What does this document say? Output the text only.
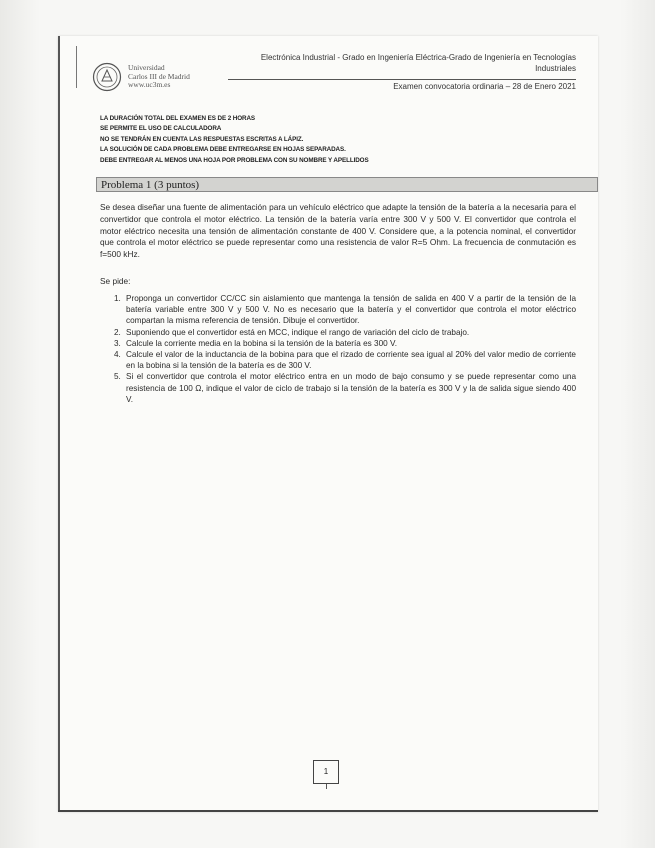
Universidad
Carlos III de Madrid
www.uc3m.es
Electrónica Industrial - Grado en Ingeniería Eléctrica-Grado de Ingeniería en Tecnologías
Industriales
Examen convocatoria ordinaria – 28 de Enero 2021
LA DURACIÓN TOTAL DEL EXAMEN ES DE 2 HORAS
SE PERMITE EL USO DE CALCULADORA
NO SE TENDRÁN EN CUENTA LAS RESPUESTAS ESCRITAS A LÁPIZ.
LA SOLUCIÓN DE CADA PROBLEMA DEBE ENTREGARSE EN HOJAS SEPARADAS.
DEBE ENTREGAR AL MENOS UNA HOJA POR PROBLEMA CON SU NOMBRE Y APELLIDOS
Problema 1 (3 puntos)
Se desea diseñar una fuente de alimentación para un vehículo eléctrico que adapte la tensión de la batería a la necesaria para el convertidor que controla el motor eléctrico. La tensión de la batería varía entre 300 V y 500 V. El convertidor que controla el motor eléctrico necesita una tensión de alimentación constante de 400 V. Considere que, a la potencia nominal, el convertidor que controla el motor eléctrico se puede representar como una resistencia de valor R=5 Ohm. La frecuencia de conmutación es f=500 kHz.
Se pide:
1. Proponga un convertidor CC/CC sin aislamiento que mantenga la tensión de salida en 400 V a partir de la tensión de la batería variable entre 300 V y 500 V. No es necesario que la batería y el convertidor que controla el motor eléctrico compartan la misma referencia de tensión. Dibuje el convertidor.
2. Suponiendo que el convertidor está en MCC, indique el rango de variación del ciclo de trabajo.
3. Calcule la corriente media en la bobina si la tensión de la batería es 300 V.
4. Calcule el valor de la inductancia de la bobina para que el rizado de corriente sea igual al 20% del valor medio de corriente en la bobina si la tensión de la batería es de 300 V.
5. Si el convertidor que controla el motor eléctrico entra en un modo de bajo consumo y se puede representar como una resistencia de 100 Ω, indique el valor de ciclo de trabajo si la tensión de la batería es 300 V y la de salida sigue siendo 400 V.
1
